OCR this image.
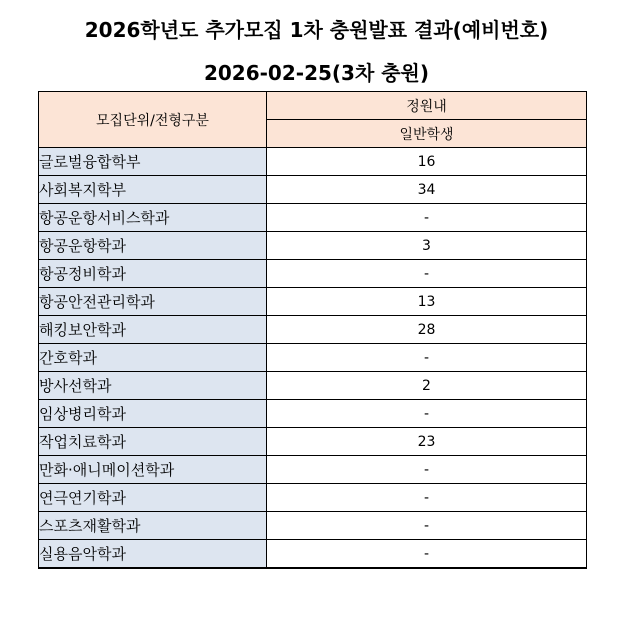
2026학년도 추가모집 1차 충원발표 결과(예비번호)
2026-02-25(3차 충원)
모집단위/전형구분	정원내
	일반학생
글로벌융합학부	16
사회복지학부	34
항공운항서비스학과	-
항공운항학과	3
항공정비학과	-
항공안전관리학과	13
해킹보안학과	28
간호학과	-
방사선학과	2
임상병리학과	-
작업치료학과	23
만화·애니메이션학과	-
연극연기학과	-
스포츠재활학과	-
실용음악학과	-
